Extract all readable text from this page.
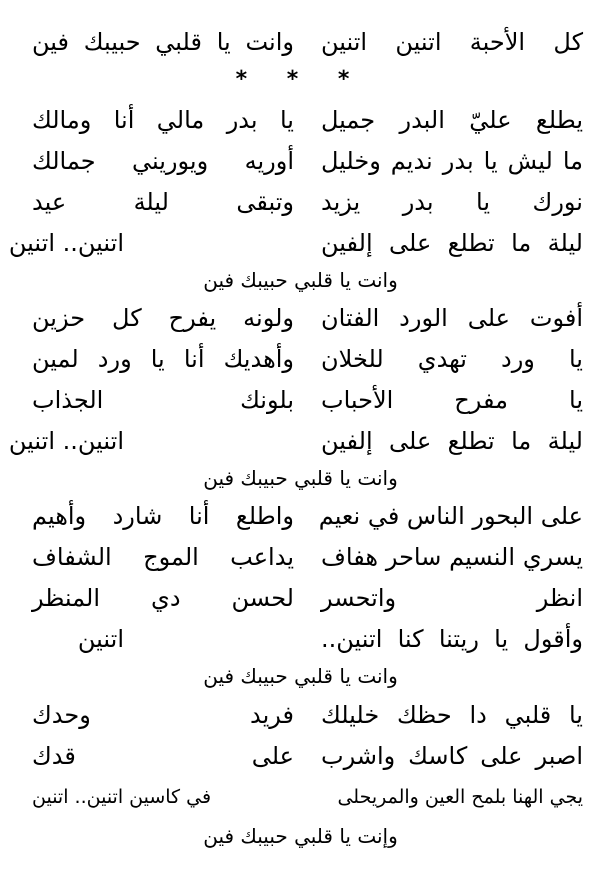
كل الأحبة اتنين اتنين
وانت يا قلبي حبيبك فين
* * *
يطلع عليّ البدر جميل
يا بدر مالي أنا ومالك
ما ليش يا بدر نديم وخليل
أوريه ويوريني جمالك
نورك يا بدر يزيد
وتبقى ليلة عيد
ليلة ما تطلع على إلفين
اتنين.. اتنين
وانت يا قلبي حبيبك فين
أفوت على الورد الفتان
ولونه يفرح كل حزين
يا ورد تهدي للخلان
وأهديك أنا يا ورد لمين
يا مفرح الأحباب
بلونك الجذاب
ليلة ما تطلع على إلفين
اتنين.. اتنين
وانت يا قلبي حبيبك فين
على البحور الناس في نعيم
واطلع أنا شارد وأهيم
يسري النسيم ساحر هفاف
يداعب الموج الشفاف
انظر واتحسر
لحسن دي المنظر
وأقول يا ريتنا كنا اتنين..
اتنين
وانت يا قلبي حبيبك فين
يا قلبي دا حظك خليلك
فريد وحدك
اصبر على كاسك واشرب
على قدك
يجي الهنا بلمح العين والمريحلى
في كاسين اتنين.. اتنين
وإنت يا قلبي حبيبك فين
